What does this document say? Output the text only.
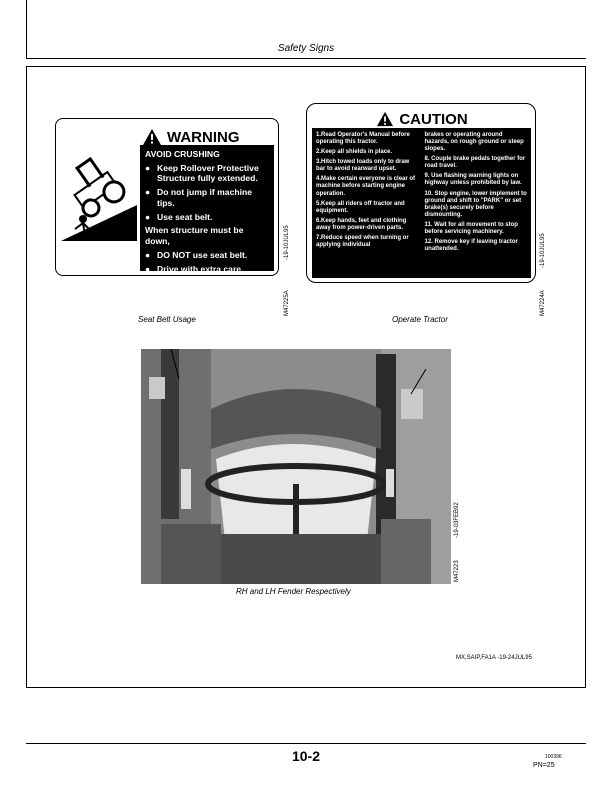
Safety Signs
WARNING
AVOID CRUSHING
● Keep Rollover Protective Structure fully extended.
● Do not jump if machine tips.
● Use seat belt.
When structure must be down,
● DO NOT use seat belt.
● Drive with extra care.
-19-10JUL95
M47225A
Seat Belt Usage
CAUTION
1.Read Operator's Manual before operating this tractor.
2.Keep all shields in place.
3.Hitch towed loads only to draw bar to avoid rearward upset.
4.Make certain everyone is clear of machine before starting engine operation.
5.Keep all riders off tractor and equipment.
6.Keep hands, feet and clothing away from power-driven parts.
7.Reduce speed when turning or applying individual
brakes or operating around hazards, on rough ground or steep slopes.
8. Couple brake pedals together for road travel.
9. Use flashing warning lights on highway unless prohibited by law.
10. Stop engine, lower implement to ground and shift to "PARK" or set brake(s) securely before dismounting.
11. Wait for all movement to stop before servicing machinery.
12. Remove key if leaving tractor unattended.	-19-10JUL95
M47224A
Operate Tractor
-19-03FEB92
M47223
RH and LH Fender Respectively
MX,SAIP,FA1A -19-24JUL95
10-2	100396
PN=25
